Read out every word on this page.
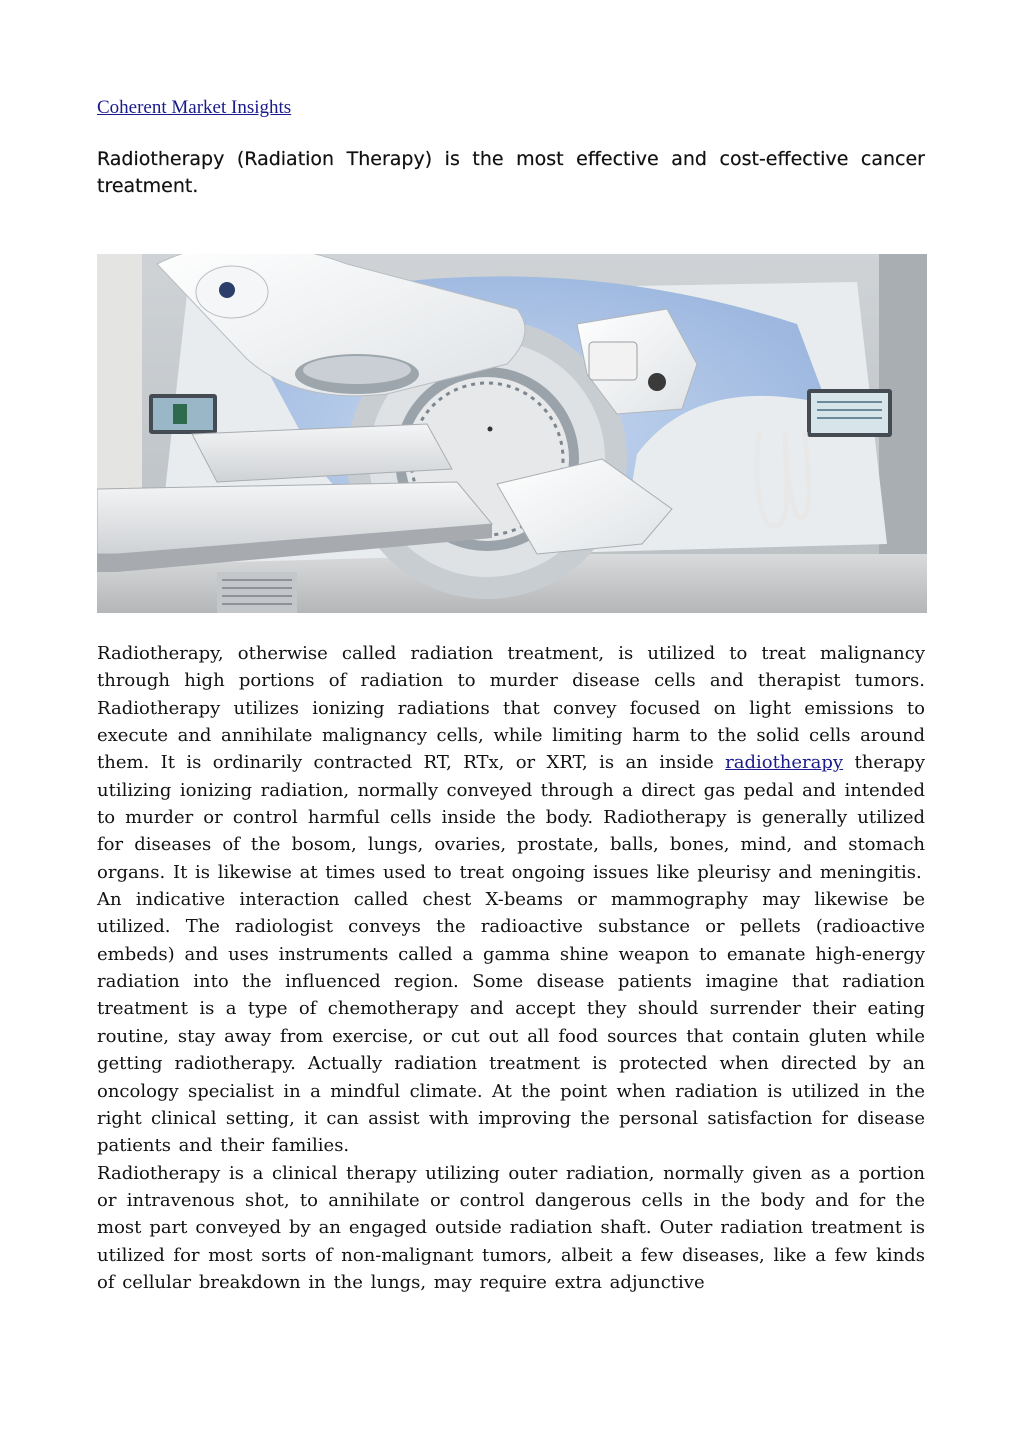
Coherent Market Insights
Radiotherapy (Radiation Therapy) is the most effective and cost-effective cancer treatment.

Radiotherapy, otherwise called radiation treatment, is utilized to treat malignancy through high portions of radiation to murder disease cells and therapist tumors. Radiotherapy utilizes ionizing radiations that convey focused on light emissions to execute and annihilate malignancy cells, while limiting harm to the solid cells around them. It is ordinarily contracted RT, RTx, or XRT, is an inside radiotherapy therapy utilizing ionizing radiation, normally conveyed through a direct gas pedal and intended to murder or control harmful cells inside the body. Radiotherapy is generally utilized for diseases of the bosom, lungs, ovaries, prostate, balls, bones, mind, and stomach organs. It is likewise at times used to treat ongoing issues like pleurisy and meningitis.

An indicative interaction called chest X-beams or mammography may likewise be utilized. The radiologist conveys the radioactive substance or pellets (radioactive embeds) and uses instruments called a gamma shine weapon to emanate high-energy radiation into the influenced region. Some disease patients imagine that radiation treatment is a type of chemotherapy and accept they should surrender their eating routine, stay away from exercise, or cut out all food sources that contain gluten while getting radiotherapy. Actually radiation treatment is protected when directed by an oncology specialist in a mindful climate. At the point when radiation is utilized in the right clinical setting, it can assist with improving the personal satisfaction for disease patients and their families.

Radiotherapy is a clinical therapy utilizing outer radiation, normally given as a portion or intravenous shot, to annihilate or control dangerous cells in the body and for the most part conveyed by an engaged outside radiation shaft. Outer radiation treatment is utilized for most sorts of non-malignant tumors, albeit a few diseases, like a few kinds of cellular breakdown in the lungs, may require extra adjunctive
